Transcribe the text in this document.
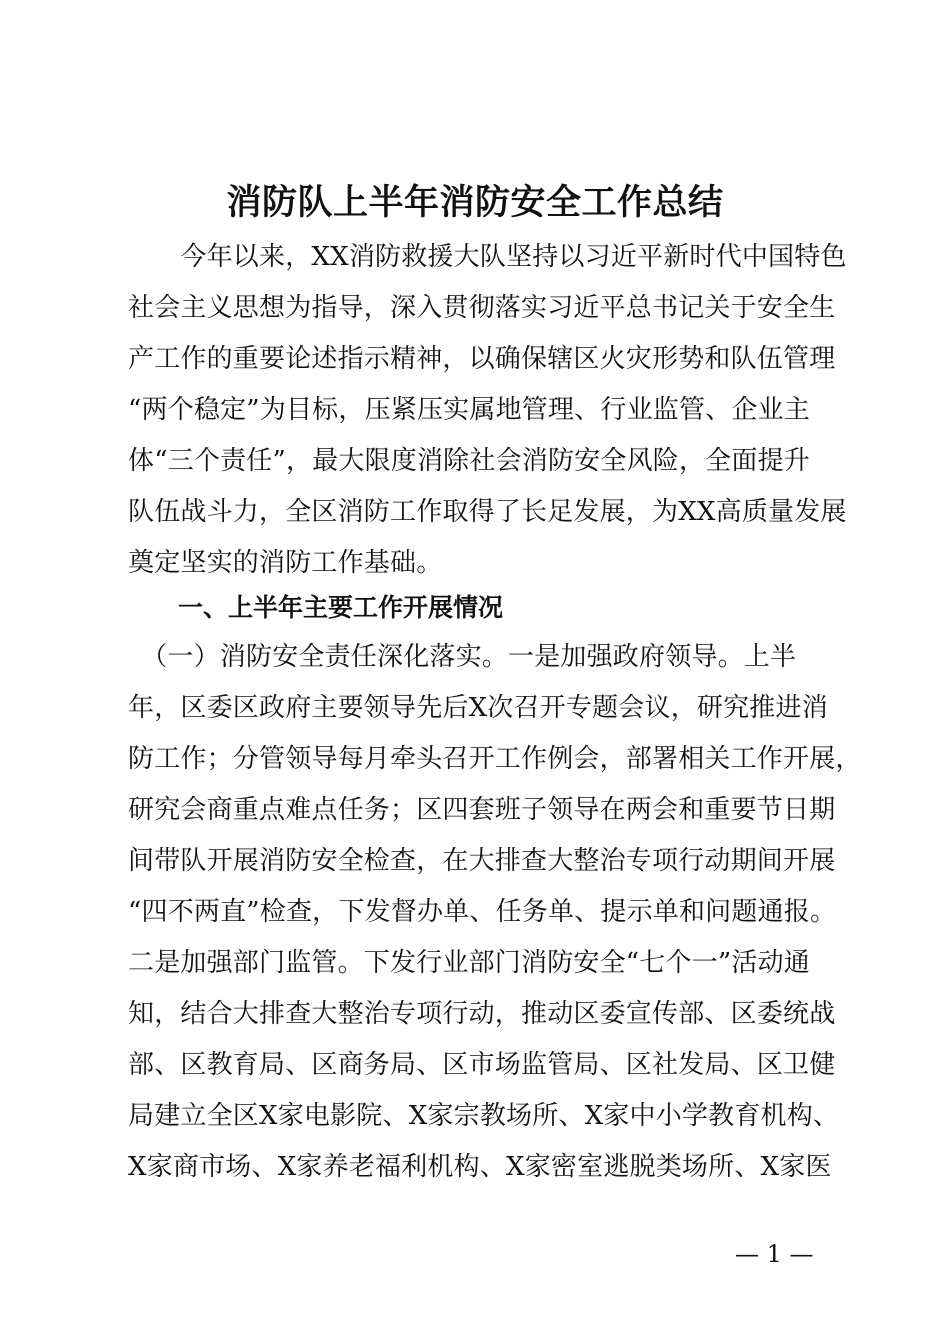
消防队上半年消防安全工作总结
　　今年以来，XX消防救援大队坚持以习近平新时代中国特色
社会主义思想为指导，深入贯彻落实习近平总书记关于安全生
产工作的重要论述指示精神，以确保辖区火灾形势和队伍管理
“两个稳定”为目标，压紧压实属地管理、行业监管、企业主
体“三个责任”，最大限度消除社会消防安全风险，全面提升
队伍战斗力，全区消防工作取得了长足发展，为XX高质量发展
奠定坚实的消防工作基础。
一、上半年主要工作开展情况
　（一）消防安全责任深化落实。一是加强政府领导。上半
年，区委区政府主要领导先后X次召开专题会议，研究推进消
防工作；分管领导每月牵头召开工作例会，部署相关工作开展，
研究会商重点难点任务；区四套班子领导在两会和重要节日期
间带队开展消防安全检查，在大排查大整治专项行动期间开展
“四不两直”检查，下发督办单、任务单、提示单和问题通报。
二是加强部门监管。下发行业部门消防安全“七个一”活动通
知，结合大排查大整治专项行动，推动区委宣传部、区委统战
部、区教育局、区商务局、区市场监管局、区社发局、区卫健
局建立全区X家电影院、X家宗教场所、X家中小学教育机构、
X家商市场、X家养老福利机构、X家密室逃脱类场所、X家医
— 1 —
